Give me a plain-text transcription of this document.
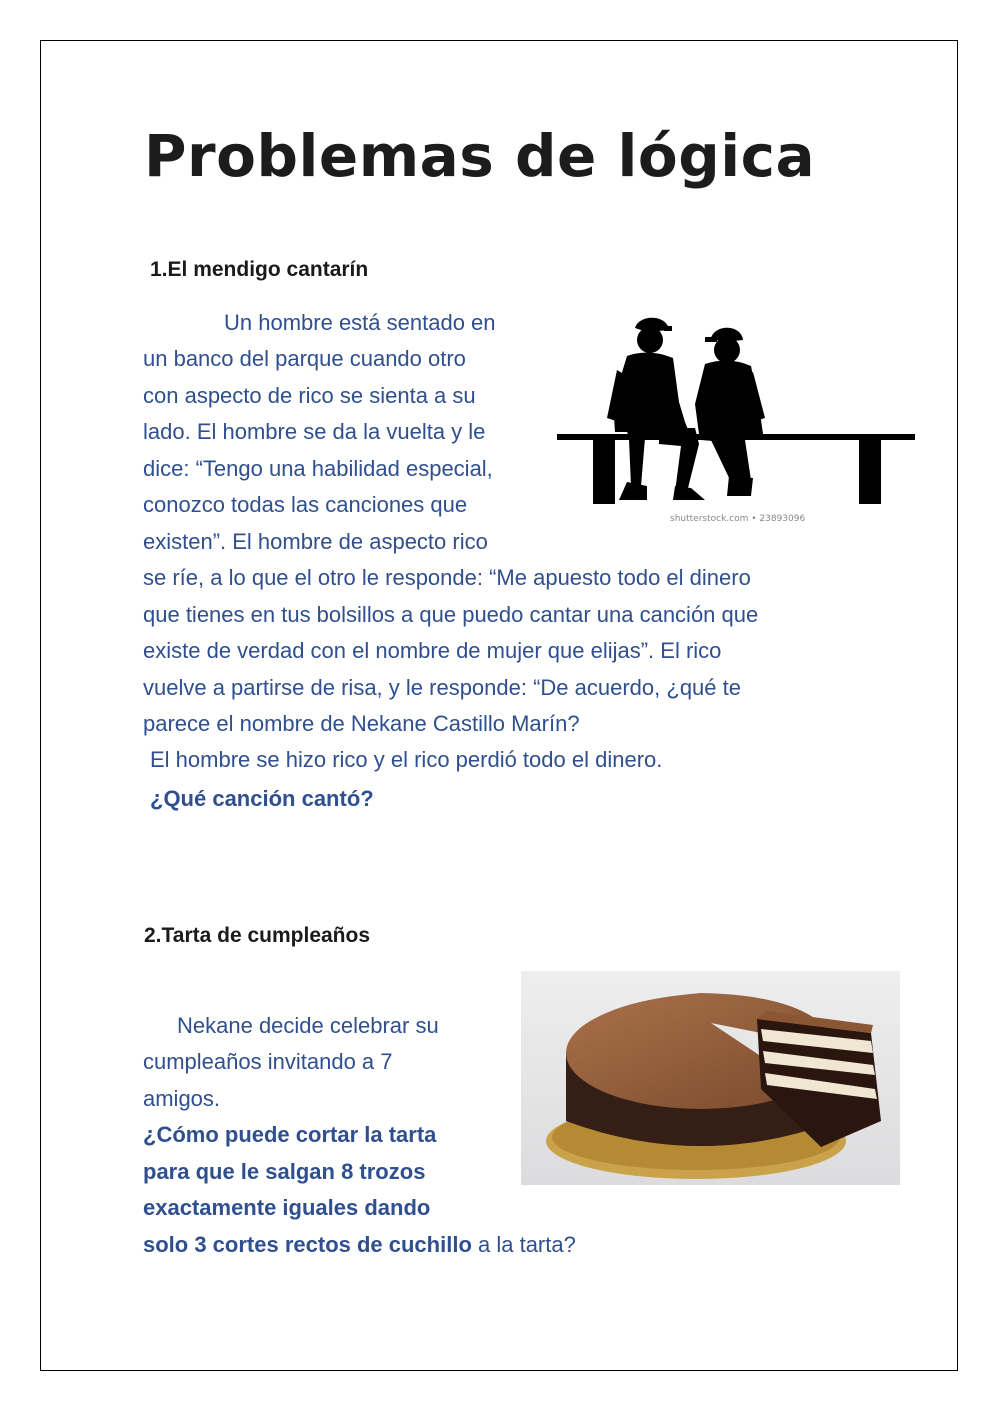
Problemas de lógica
1.El mendigo cantarín
Un hombre está sentado en
un banco del parque cuando otro
con aspecto de rico se sienta a su
lado. El hombre se da la vuelta y le
dice: “Tengo una habilidad especial,
conozco todas las canciones que
existen”. El hombre de aspecto rico
se ríe, a lo que el otro le responde: “Me apuesto todo el dinero
que tienes en tus bolsillos a que puedo cantar una canción que
existe de verdad con el nombre de mujer que elijas”. El rico
vuelve a partirse de risa, y le responde: “De acuerdo, ¿qué te
parece el nombre de Nekane Castillo Marín?
El hombre se hizo rico y el rico perdió todo el dinero.
¿Qué canción cantó?
shutterstock.com • 23893096
2.Tarta de cumpleaños
Nekane decide celebrar su
cumpleaños invitando a 7
amigos.
¿Cómo puede cortar la tarta
para que le salgan 8 trozos
exactamente iguales dando
solo 3 cortes rectos de cuchillo a la tarta?
